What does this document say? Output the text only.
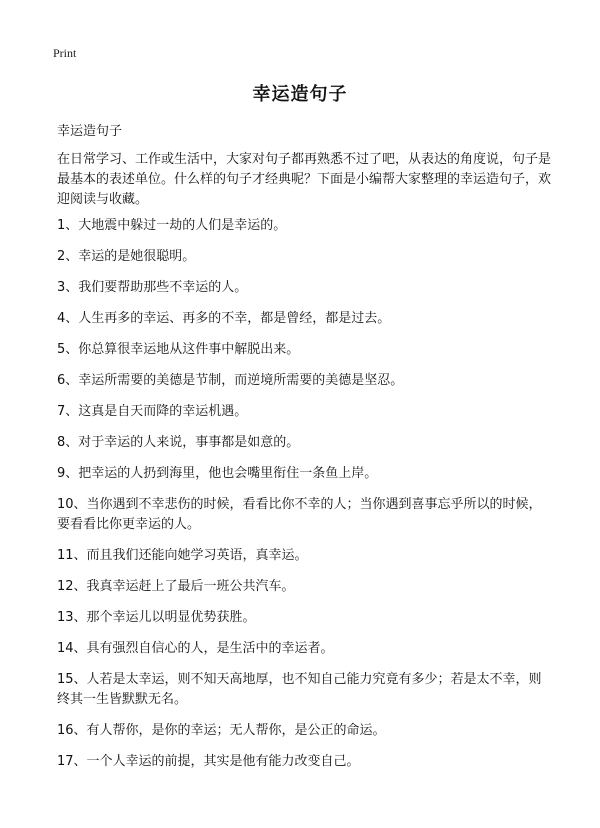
Print
幸运造句子

幸运造句子

在日常学习、工作或生活中，大家对句子都再熟悉不过了吧，从表达的角度说，句子是最基本的表述单位。什么样的句子才经典呢？下面是小编帮大家整理的幸运造句子，欢迎阅读与收藏。

1、大地震中躲过一劫的人们是幸运的。
2、幸运的是她很聪明。
3、我们要帮助那些不幸运的人。
4、人生再多的幸运、再多的不幸，都是曾经，都是过去。
5、你总算很幸运地从这件事中解脱出来。
6、幸运所需要的美德是节制，而逆境所需要的美德是坚忍。
7、这真是自天而降的幸运机遇。
8、对于幸运的人来说，事事都是如意的。
9、把幸运的人扔到海里，他也会嘴里衔住一条鱼上岸。
10、当你遇到不幸悲伤的时候，看看比你不幸的人；当你遇到喜事忘乎所以的时候，要看看比你更幸运的人。
11、而且我们还能向她学习英语，真幸运。
12、我真幸运赶上了最后一班公共汽车。
13、那个幸运儿以明显优势获胜。
14、具有强烈自信心的人，是生活中的幸运者。
15、人若是太幸运，则不知天高地厚，也不知自己能力究竟有多少；若是太不幸，则终其一生皆默默无名。
16、有人帮你，是你的幸运；无人帮你，是公正的命运。
17、一个人幸运的前提，其实是他有能力改变自己。
